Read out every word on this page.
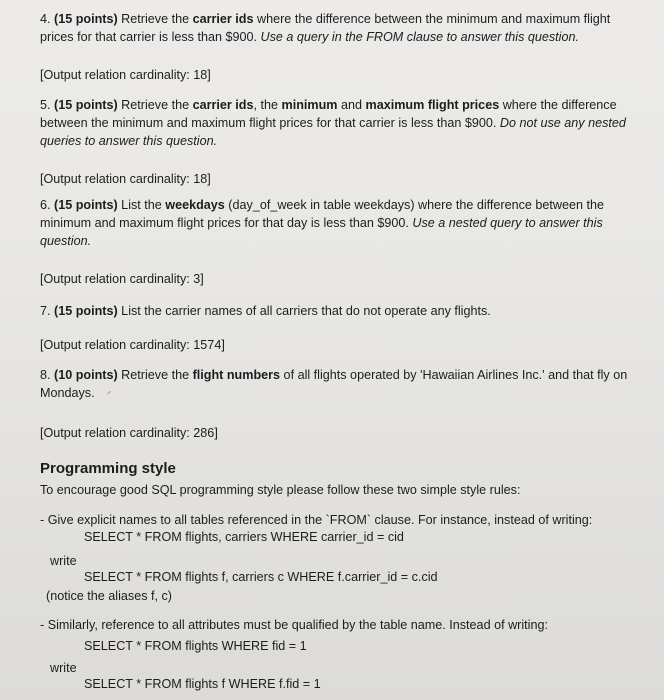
4. (15 points) Retrieve the carrier ids where the difference between the minimum and maximum flight
prices for that carrier is less than $900. Use a query in the FROM clause to answer this question.
[Output relation cardinality: 18]
5. (15 points) Retrieve the carrier ids, the minimum and maximum flight prices where the difference
between the minimum and maximum flight prices for that carrier is less than $900. Do not use any nested
queries to answer this question.
[Output relation cardinality: 18]
6. (15 points) List the weekdays (day_of_week in table weekdays) where the difference between the
minimum and maximum flight prices for that day is less than $900. Use a nested query to answer this
question.
[Output relation cardinality: 3]
7. (15 points) List the carrier names of all carriers that do not operate any flights.
[Output relation cardinality: 1574]
8. (10 points) Retrieve the flight numbers of all flights operated by 'Hawaiian Airlines Inc.' and that fly on
Mondays.
[Output relation cardinality: 286]
Programming style
To encourage good SQL programming style please follow these two simple style rules:
- Give explicit names to all tables referenced in the `FROM` clause. For instance, instead of writing:
SELECT * FROM flights, carriers WHERE carrier_id = cid
write
SELECT * FROM flights f, carriers c WHERE f.carrier_id = c.cid
(notice the aliases f, c)
- Similarly, reference to all attributes must be qualified by the table name. Instead of writing:
SELECT * FROM flights WHERE fid = 1
write
SELECT * FROM flights f WHERE f.fid = 1
